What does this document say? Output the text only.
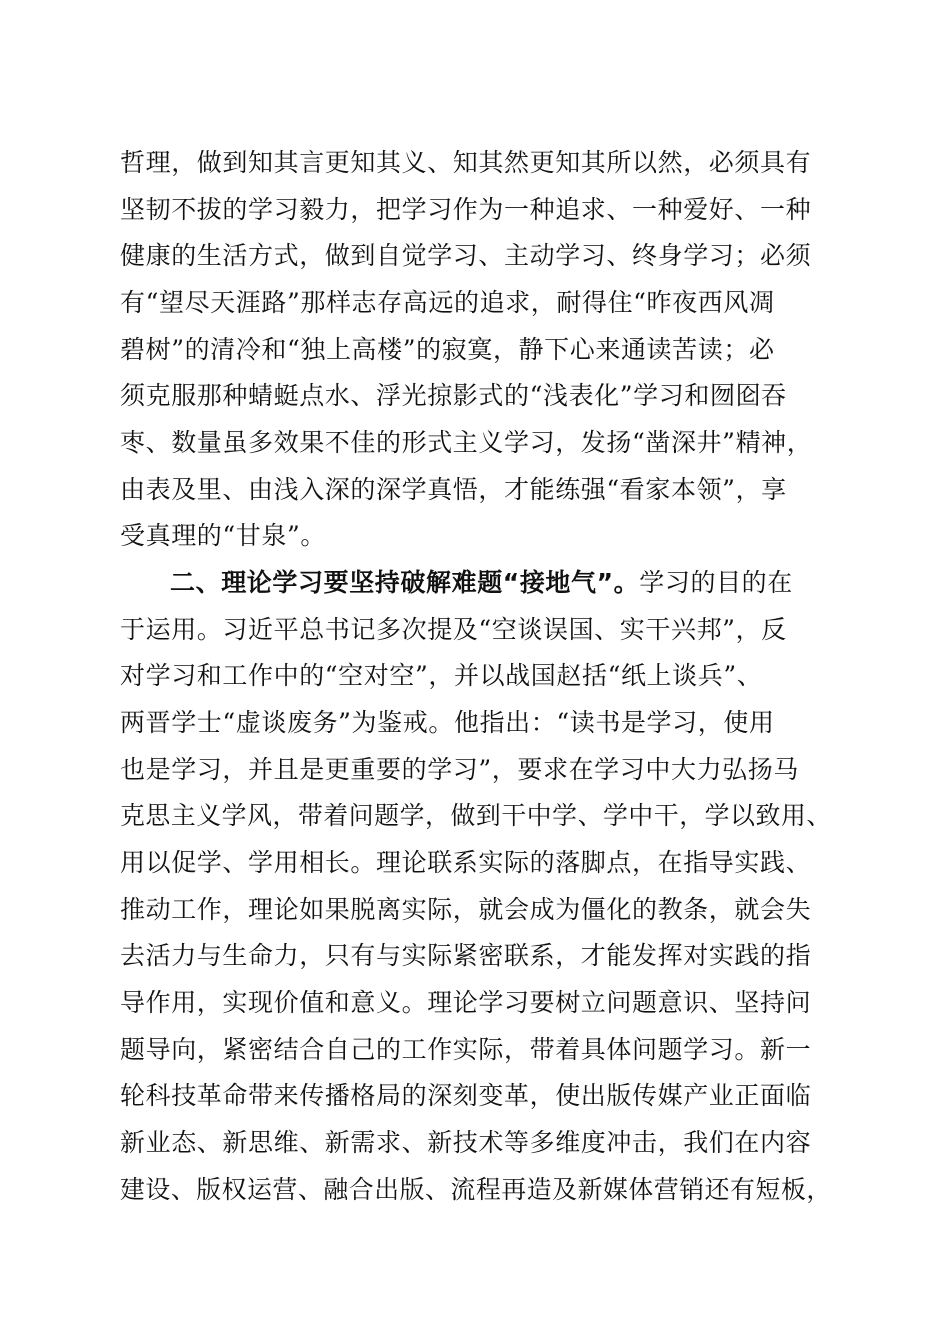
哲理，做到知其言更知其义、知其然更知其所以然，必须具有
坚韧不拔的学习毅力，把学习作为一种追求、一种爱好、一种
健康的生活方式，做到自觉学习、主动学习、终身学习；必须
有“望尽天涯路”那样志存高远的追求，耐得住“昨夜西风凋
碧树”的清冷和“独上高楼”的寂寞，静下心来通读苦读；必
须克服那种蜻蜓点水、浮光掠影式的“浅表化”学习和囫囵吞
枣、数量虽多效果不佳的形式主义学习，发扬“凿深井”精神，
由表及里、由浅入深的深学真悟，才能练强“看家本领”，享
受真理的“甘泉”。
二、理论学习要坚持破解难题“接地气”。学习的目的在
于运用。习近平总书记多次提及“空谈误国、实干兴邦”，反
对学习和工作中的“空对空”，并以战国赵括“纸上谈兵”、
两晋学士“虚谈废务”为鉴戒。他指出：“读书是学习，使用
也是学习，并且是更重要的学习”，要求在学习中大力弘扬马
克思主义学风，带着问题学，做到干中学、学中干，学以致用、
用以促学、学用相长。理论联系实际的落脚点，在指导实践、
推动工作，理论如果脱离实际，就会成为僵化的教条，就会失
去活力与生命力，只有与实际紧密联系，才能发挥对实践的指
导作用，实现价值和意义。理论学习要树立问题意识、坚持问
题导向，紧密结合自己的工作实际，带着具体问题学习。新一
轮科技革命带来传播格局的深刻变革，使出版传媒产业正面临
新业态、新思维、新需求、新技术等多维度冲击，我们在内容
建设、版权运营、融合出版、流程再造及新媒体营销还有短板，
